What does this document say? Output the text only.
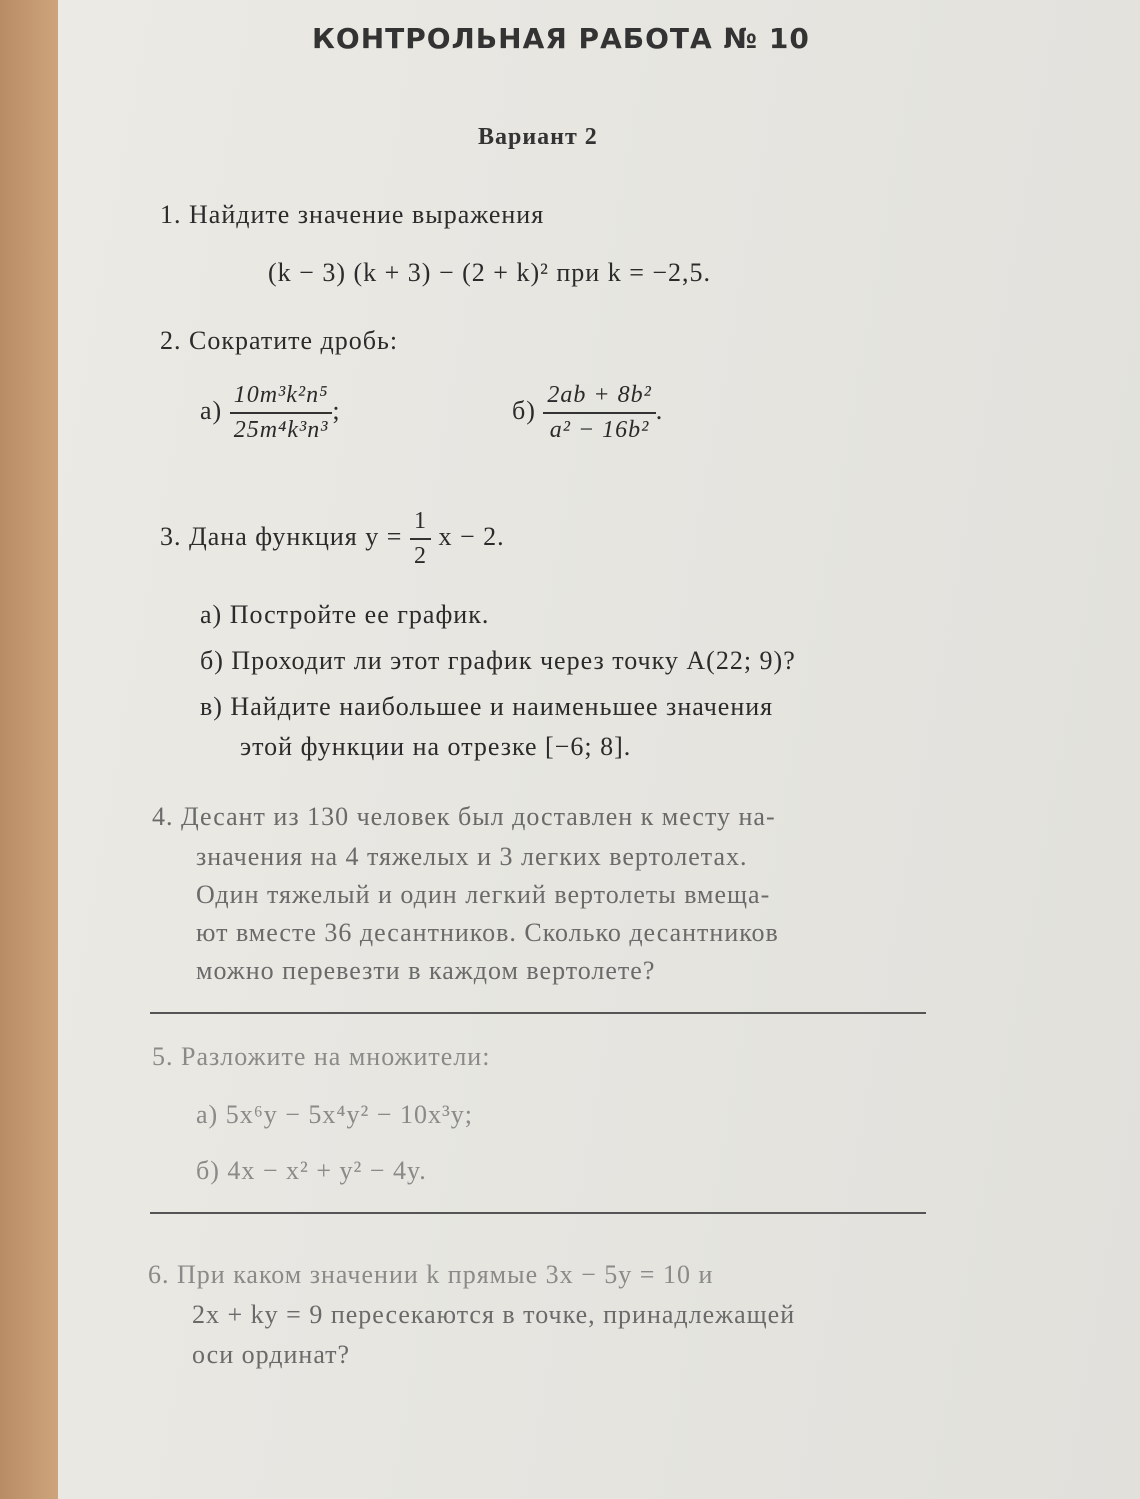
КОНТРОЛЬНАЯ РАБОТА № 10
Вариант 2
1. Найдите значение выражения
(k − 3) (k + 3) − (2 + k)² при k = −2,5.
2. Сократите дробь:
$а) \frac{\text{10m³k²n⁵}}{\text{25m⁴k³n³}}$ ;	$б) \frac{\text{2ab + 8b²}}{\text{a² − 16b²}}$ .
3. Дана функция $y = \frac{1}{2}$ x − 2.
а) Постройте ее график.
б) Проходит ли этот график через точку A(22; 9)?
в) Найдите наибольшее и наименьшее значения
этой функции на отрезке [−6; 8].
4. Десант из 130 человек был доставлен к месту на-
значения на 4 тяжелых и 3 легких вертолетах.
Один тяжелый и один легкий вертолеты вмеща-
ют вместе 36 десантников. Сколько десантников
можно перевезти в каждом вертолете?
5. Разложите на множители:
а) 5x⁶y − 5x⁴y² − 10x³y;
б) 4x − x² + y² − 4y.
6. При каком значении k прямые 3x − 5y = 10 и
2x + ky = 9 пересекаются в точке, принадлежащей
оси ординат?
